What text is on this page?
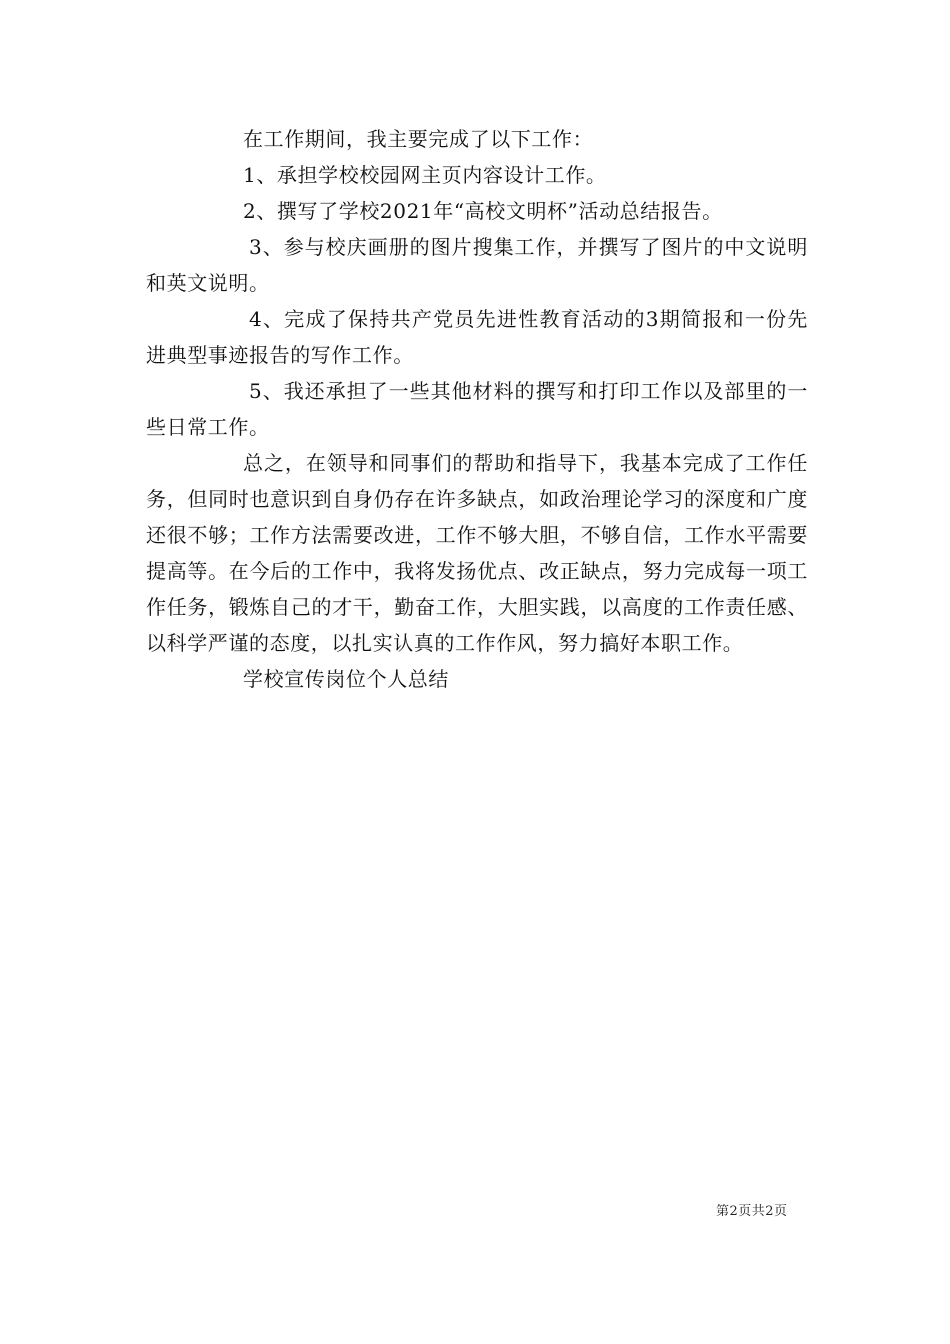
在工作期间，我主要完成了以下工作：

1、承担学校校园网主页内容设计工作。

2、撰写了学校2021年“高校文明杯”活动总结报告。

3、参与校庆画册的图片搜集工作，并撰写了图片的中文说明和英文说明。

4、完成了保持共产党员先进性教育活动的3期简报和一份先进典型事迹报告的写作工作。

5、我还承担了一些其他材料的撰写和打印工作以及部里的一些日常工作。

总之，在领导和同事们的帮助和指导下，我基本完成了工作任务，但同时也意识到自身仍存在许多缺点，如政治理论学习的深度和广度还很不够；工作方法需要改进，工作不够大胆，不够自信，工作水平需要提高等。在今后的工作中，我将发扬优点、改正缺点，努力完成每一项工作任务，锻炼自己的才干，勤奋工作，大胆实践，以高度的工作责任感、以科学严谨的态度，以扎实认真的工作作风，努力搞好本职工作。

学校宣传岗位个人总结

第2页共2页
